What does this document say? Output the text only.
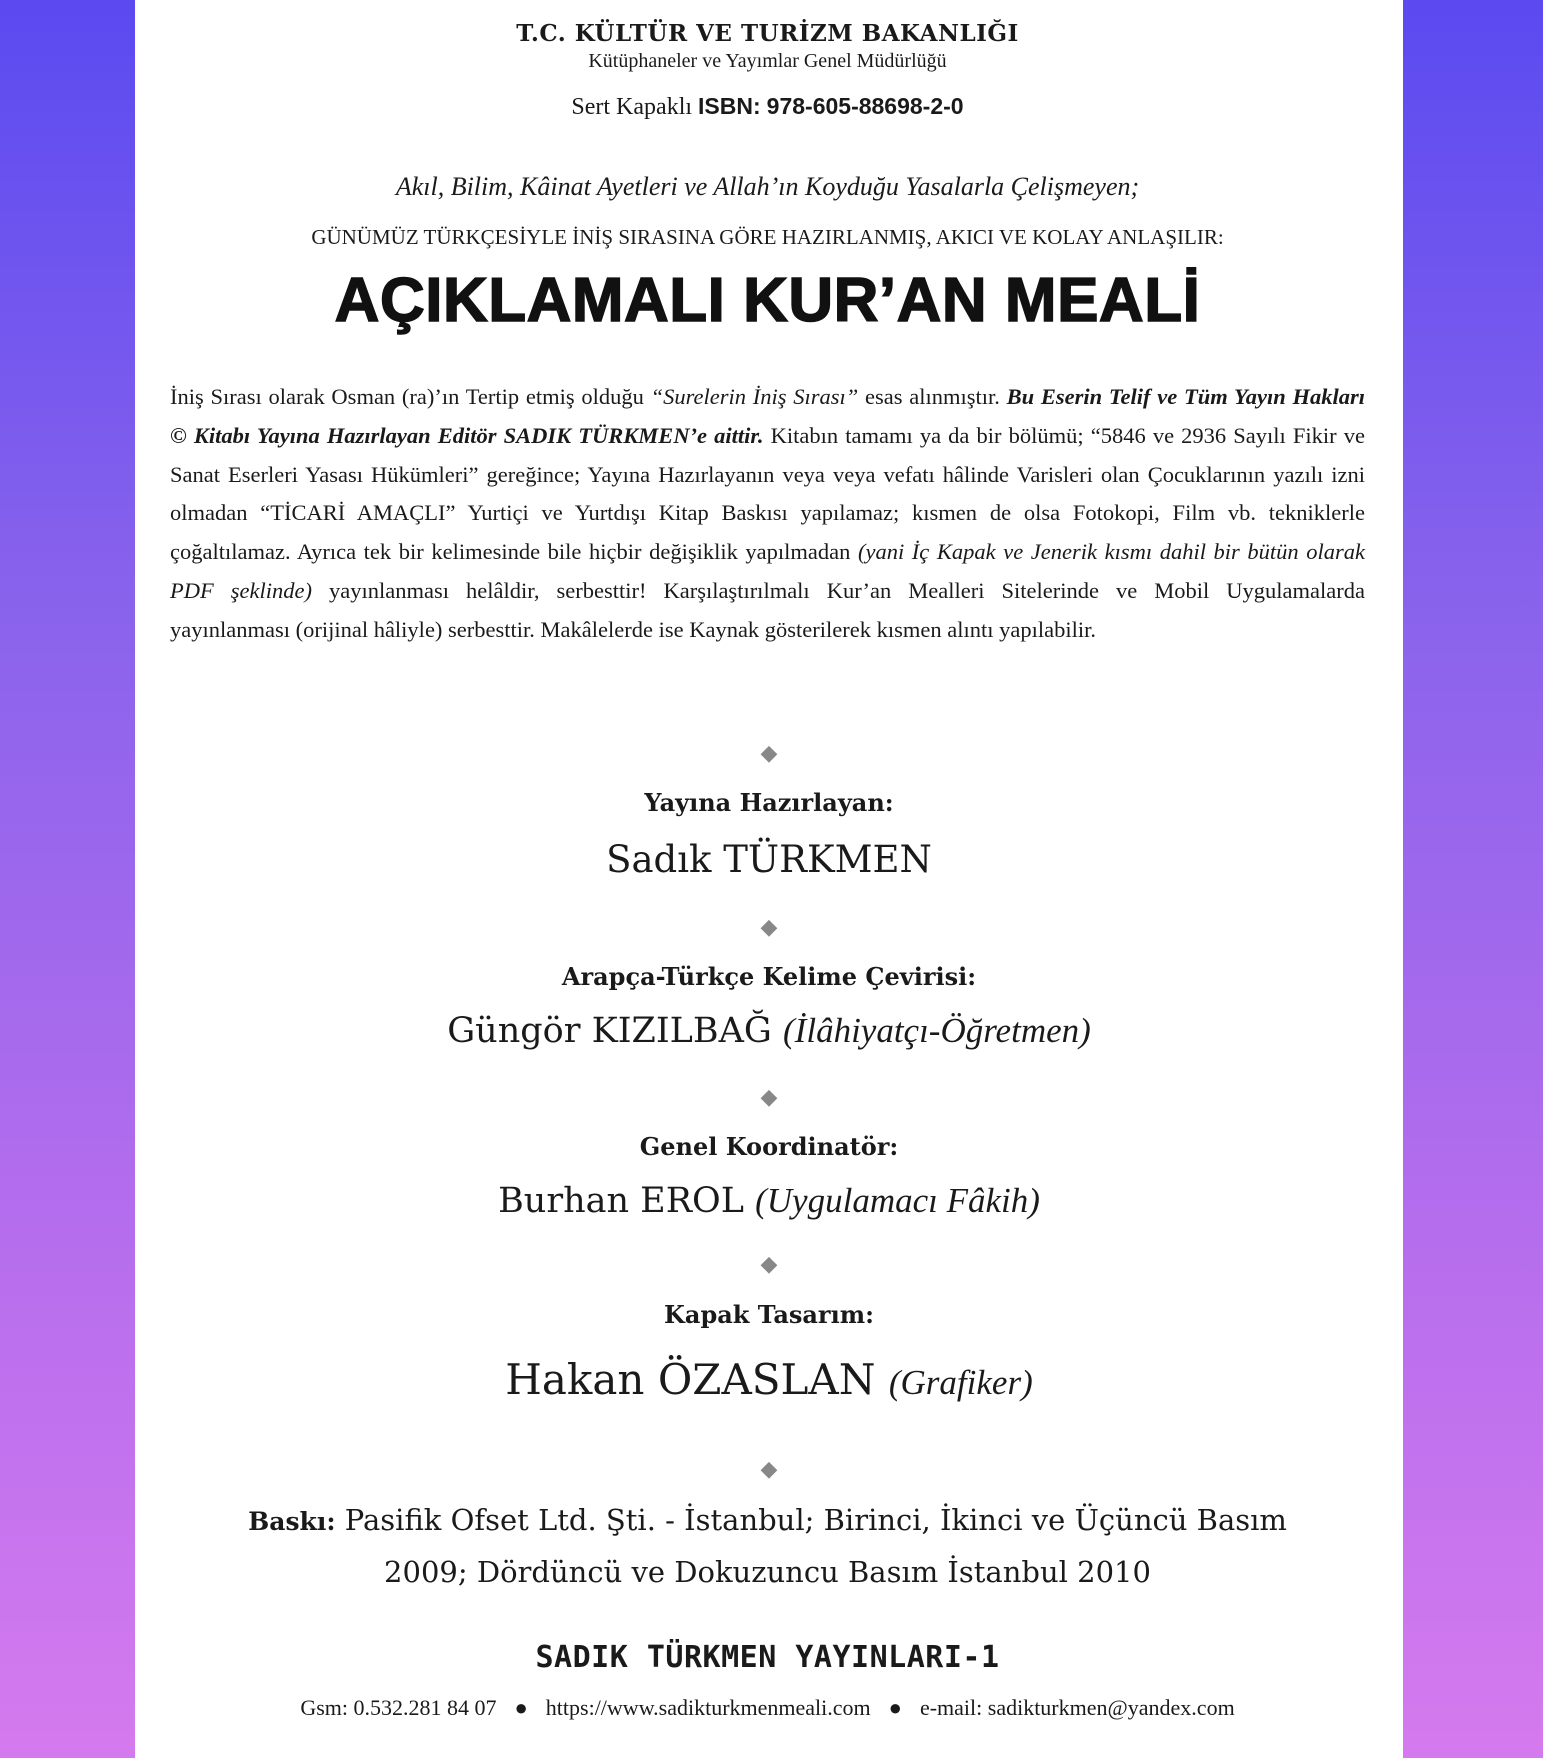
T.C. KÜLTÜR VE TURİZM BAKANLIĞI
Kütüphaneler ve Yayımlar Genel Müdürlüğü
Sert Kapaklı ISBN: 978-605-88698-2-0
Akıl, Bilim, Kâinat Ayetleri ve Allah’ın Koyduğu Yasalarla Çelişmeyen;
GÜNÜMÜZ TÜRKÇESİYLE İNİŞ SIRASINA GÖRE HAZIRLANMIŞ, AKICI VE KOLAY ANLAŞILIR:
AÇIKLAMALI KUR’AN MEALİ
İniş Sırası olarak Osman (ra)’ın Tertip etmiş olduğu “Surelerin İniş Sırası” esas alınmıştır. Bu Eserin Telif ve Tüm Yayın Hakları © Kitabı Yayına Hazırlayan Editör SADIK TÜRKMEN’e aittir. Kitabın tamamı ya da bir bölümü; “5846 ve 2936 Sayılı Fikir ve Sanat Eserleri Yasası Hükümleri” gereğince; Yayına Hazırlayanın veya veya vefatı hâlinde Varisleri olan Çocuklarının yazılı izni olmadan “TİCARİ AMAÇLI” Yurtiçi ve Yurtdışı Kitap Baskısı yapılamaz; kısmen de olsa Fotokopi, Film vb. tekniklerle çoğaltılamaz. Ayrıca tek bir kelimesinde bile hiçbir değişiklik yapılmadan (yani İç Kapak ve Jenerik kısmı dahil bir bütün olarak PDF şeklinde) yayınlanması helâldir, serbesttir! Karşılaştırılmalı Kur’an Mealleri Sitelerinde ve Mobil Uygulamalarda yayınlanması (orijinal hâliyle) serbesttir. Makâlelerde ise Kaynak gösterilerek kısmen alıntı yapılabilir.
◆
Yayına Hazırlayan:
Sadık TÜRKMEN
◆
Arapça-Türkçe Kelime Çevirisi:
Güngör KIZILBAĞ (İlâhiyatçı-Öğretmen)
◆
Genel Koordinatör:
Burhan EROL (Uygulamacı Fâkih)
◆
Kapak Tasarım:
Hakan ÖZASLAN (Grafiker)
◆
Baskı: Pasifik Ofset Ltd. Şti. - İstanbul; Birinci, İkinci ve Üçüncü Basım
2009; Dördüncü ve Dokuzuncu Basım İstanbul 2010
SADIK TÜRKMEN YAYINLARI-1
Gsm: 0.532.281 84 07 ● https://www.sadikturkmenmeali.com ● e-mail: sadikturkmen@yandex.com
